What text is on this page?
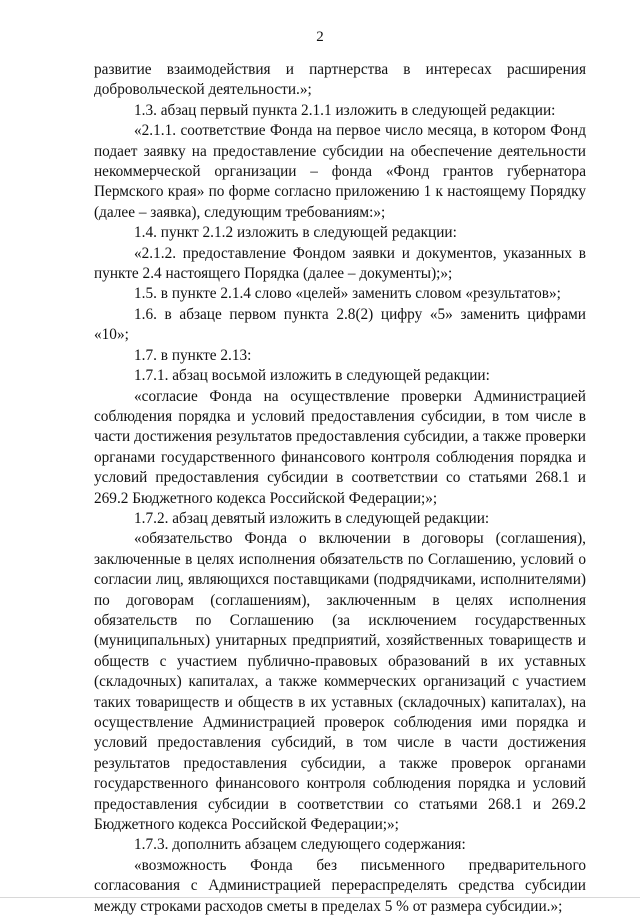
2

развитие взаимодействия и партнерства в интересах расширения добровольческой деятельности.»;

1.3. абзац первый пункта 2.1.1 изложить в следующей редакции:

«2.1.1. соответствие Фонда на первое число месяца, в котором Фонд подает заявку на предоставление субсидии на обеспечение деятельности некоммерческой организации – фонда «Фонд грантов губернатора Пермского края» по форме согласно приложению 1 к настоящему Порядку (далее – заявка), следующим требованиям:»;

1.4. пункт 2.1.2 изложить в следующей редакции:

«2.1.2. предоставление Фондом заявки и документов, указанных в пункте 2.4 настоящего Порядка (далее – документы);»;

1.5. в пункте 2.1.4 слово «целей» заменить словом «результатов»;

1.6. в абзаце первом пункта 2.8(2) цифру «5» заменить цифрами «10»;

1.7. в пункте 2.13:

1.7.1. абзац восьмой изложить в следующей редакции:

«согласие Фонда на осуществление проверки Администрацией соблюдения порядка и условий предоставления субсидии, в том числе в части достижения результатов предоставления субсидии, а также проверки органами государственного финансового контроля соблюдения порядка и условий предоставления субсидии в соответствии со статьями 268.1 и 269.2 Бюджетного кодекса Российской Федерации;»;

1.7.2. абзац девятый изложить в следующей редакции:

«обязательство Фонда о включении в договоры (соглашения), заключенные в целях исполнения обязательств по Соглашению, условий о согласии лиц, являющихся поставщиками (подрядчиками, исполнителями) по договорам (соглашениям), заключенным в целях исполнения обязательств по Соглашению (за исключением государственных (муниципальных) унитарных предприятий, хозяйственных товариществ и обществ с участием публично-правовых образований в их уставных (складочных) капиталах, а также коммерческих организаций с участием таких товариществ и обществ в их уставных (складочных) капиталах), на осуществление Администрацией проверок соблюдения ими порядка и условий предоставления субсидий, в том числе в части достижения результатов предоставления субсидии, а также проверок органами государственного финансового контроля соблюдения порядка и условий предоставления субсидии в соответствии со статьями 268.1 и 269.2 Бюджетного кодекса Российской Федерации;»;

1.7.3. дополнить абзацем следующего содержания:

«возможность Фонда без письменного предварительного согласования с Администрацией перераспределять средства субсидии между строками расходов сметы в пределах 5 % от размера субсидии.»;
